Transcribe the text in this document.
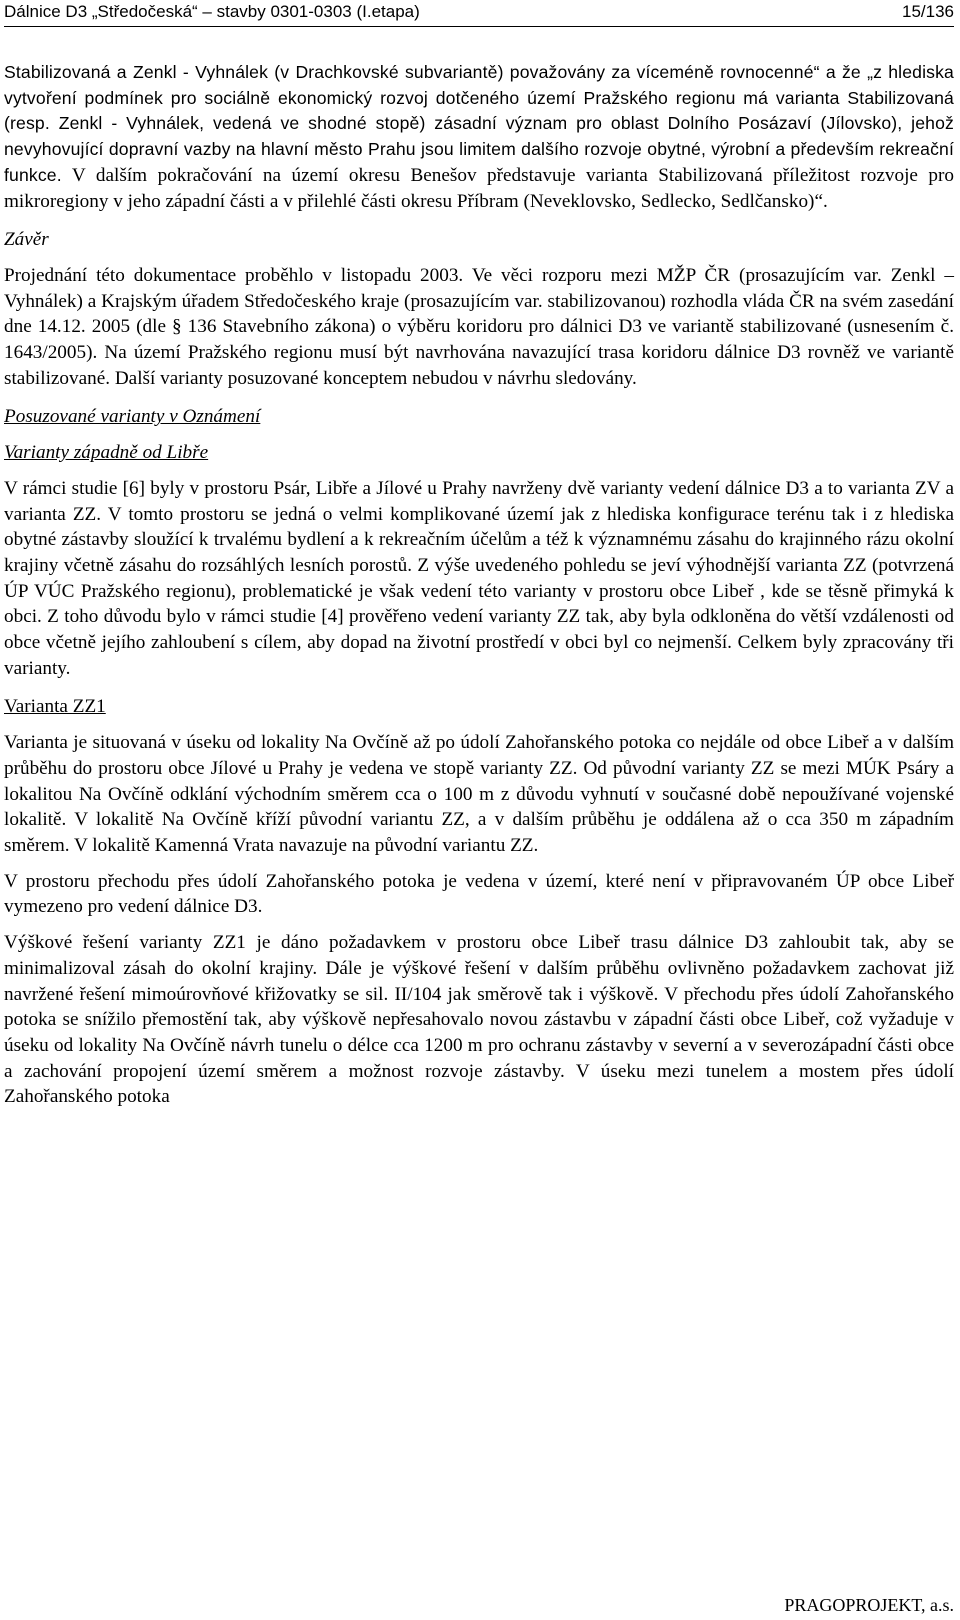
Dálnice D3 „Středočeská“ – stavby 0301-0303 (I.etapa)	15/136

Stabilizovaná a Zenkl - Vyhnálek (v Drachkovské subvariantě) považovány za víceméně rovnocenné“ a že „z hlediska vytvoření podmínek pro sociálně ekonomický rozvoj dotčeného území Pražského regionu má varianta Stabilizovaná (resp. Zenkl - Vyhnálek, vedená ve shodné stopě) zásadní význam pro oblast Dolního Posázaví (Jílovsko), jehož nevyhovující dopravní vazby na hlavní město Prahu jsou limitem dalšího rozvoje obytné, výrobní a především rekreační funkce. V dalším pokračování na území okresu Benešov představuje varianta Stabilizovaná příležitost rozvoje pro mikroregiony v jeho západní části a v přilehlé části okresu Příbram (Neveklovsko, Sedlecko, Sedlčansko)“.

Závěr

Projednání této dokumentace proběhlo v listopadu 2003. Ve věci rozporu mezi MŽP ČR (prosazujícím var. Zenkl – Vyhnálek) a Krajským úřadem Středočeského kraje (prosazujícím var. stabilizovanou) rozhodla vláda ČR na svém zasedání dne 14.12. 2005 (dle § 136 Stavebního zákona) o výběru koridoru pro dálnici D3 ve variantě stabilizované (usnesením č. 1643/2005). Na území Pražského regionu musí být navrhována navazující trasa koridoru dálnice D3 rovněž ve variantě stabilizované. Další varianty posuzované konceptem nebudou v návrhu sledovány.

Posuzované varianty v Oznámení

Varianty západně od Libře

V rámci studie [6] byly v prostoru Psár, Libře a Jílové u Prahy navrženy dvě varianty vedení dálnice D3 a to varianta ZV a varianta ZZ. V tomto prostoru se jedná o velmi komplikované území jak z hlediska konfigurace terénu tak i z hlediska obytné zástavby sloužící k trvalému bydlení a k rekreačním účelům a též k významnému zásahu do krajinného rázu okolní krajiny včetně zásahu do rozsáhlých lesních porostů. Z výše uvedeného pohledu se jeví výhodnější varianta ZZ (potvrzená ÚP VÚC Pražského regionu), problematické je však vedení této varianty v prostoru obce Libeř , kde se těsně přimyká k obci. Z toho důvodu bylo v rámci studie [4] prověřeno vedení varianty ZZ tak, aby byla odkloněna do větší vzdálenosti od obce včetně jejího zahloubení s cílem, aby dopad na životní prostředí v obci byl co nejmenší. Celkem byly zpracovány tři varianty.

Varianta ZZ1

Varianta je situovaná v úseku od lokality Na Ovčíně až po údolí Zahořanského potoka co nejdále od obce Libeř a v dalším průběhu do prostoru obce Jílové u Prahy je vedena ve stopě varianty ZZ. Od původní varianty ZZ se mezi MÚK Psáry a lokalitou Na Ovčíně odklání východním směrem cca o 100 m z důvodu vyhnutí v současné době nepoužívané vojenské lokalitě. V lokalitě Na Ovčíně kříží původní variantu ZZ, a v dalším průběhu je oddálena až o cca 350 m západním směrem. V lokalitě Kamenná Vrata navazuje na původní variantu ZZ.

V prostoru přechodu přes údolí Zahořanského potoka je vedena v území, které není v připravovaném ÚP obce Libeř vymezeno pro vedení dálnice D3.

Výškové řešení varianty ZZ1 je dáno požadavkem v prostoru obce Libeř trasu dálnice D3 zahloubit tak, aby se minimalizoval zásah do okolní krajiny. Dále je výškové řešení v dalším průběhu ovlivněno požadavkem zachovat již navržené řešení mimoúrovňové křižovatky se sil. II/104 jak směrově tak i výškově. V přechodu přes údolí Zahořanského potoka se snížilo přemostění tak, aby výškově nepřesahovalo novou zástavbu v západní části obce Libeř, což vyžaduje v úseku od lokality Na Ovčíně návrh tunelu o délce cca 1200 m pro ochranu zástavby v severní a v severozápadní části obce a zachování propojení území směrem a možnost rozvoje zástavby. V úseku mezi tunelem a mostem přes údolí Zahořanského potoka

PRAGOPROJEKT, a.s.
